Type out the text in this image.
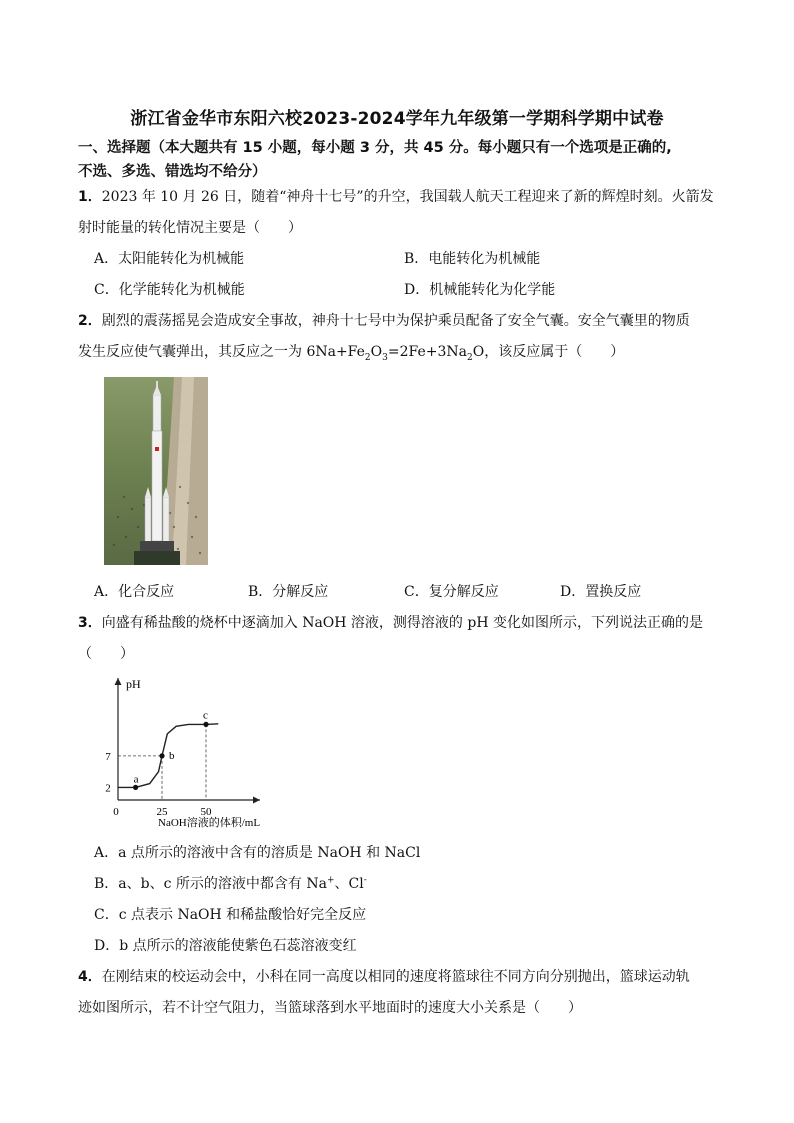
浙江省金华市东阳六校2023-2024学年九年级第一学期科学期中试卷
一、选择题（本大题共有 15 小题，每小题 3 分，共 45 分。每小题只有一个选项是正确的,
不选、多选、错选均不给分）
1．2023 年 10 月 26 日，随着“神舟十七号”的升空，我国载人航天工程迎来了新的辉煌时刻。火箭发
射时能量的转化情况主要是（　　）
A．太阳能转化为机械能	B．电能转化为机械能
C．化学能转化为机械能	D．机械能转化为化学能
2．剧烈的震荡摇晃会造成安全事故，神舟十七号中为保护乘员配备了安全气囊。安全气囊里的物质
发生反应使气囊弹出，其反应之一为 $6Na+Fe_2O_3=2Fe+3Na_2O$，该反应属于（　　）
A．化合反应	B．分解反应	C．复分解反应	D．置换反应
3．向盛有稀盐酸的烧杯中逐滴加入 NaOH 溶液，测得溶液的 pH 变化如图所示，下列说法正确的是
（　　）
pH
NaOH溶液的体积/mL
2
7
0	25	50
a
b
c
A．a 点所示的溶液中含有的溶质是 NaOH 和 NaCl
B．a、b、c 所示的溶液中都含有 Na+、Cl-
C．c 点表示 NaOH 和稀盐酸恰好完全反应
D．b 点所示的溶液能使紫色石蕊溶液变红
4．在刚结束的校运动会中，小科在同一高度以相同的速度将篮球往不同方向分别抛出，篮球运动轨
迹如图所示，若不计空气阻力，当篮球落到水平地面时的速度大小关系是（　　）
